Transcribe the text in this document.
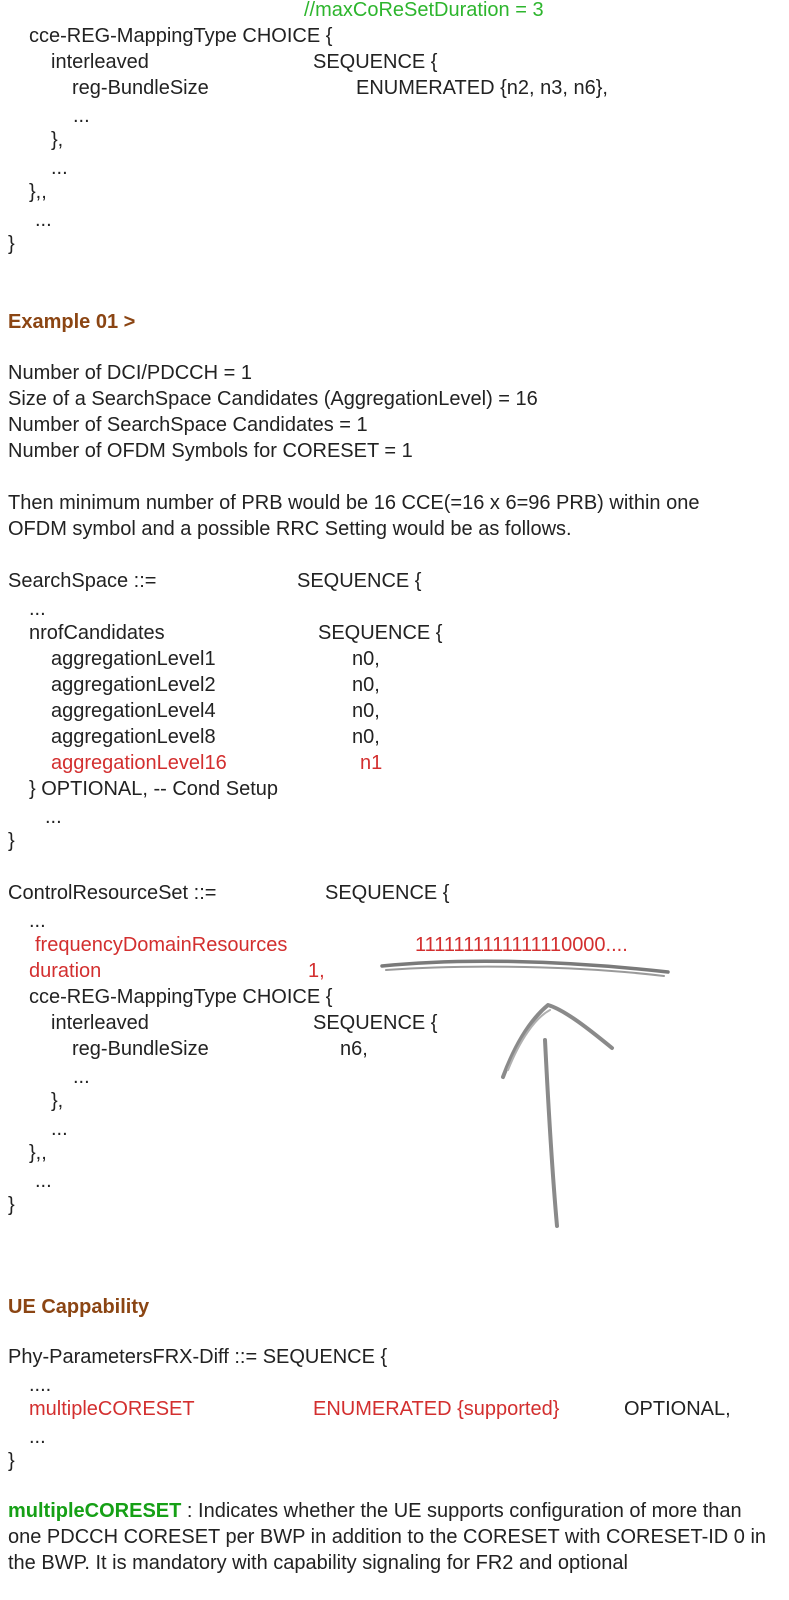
//maxCoReSetDuration = 3
cce-REG-MappingType CHOICE {
interleaved	SEQUENCE {
reg-BundleSize	ENUMERATED {n2, n3, n6},
...
},
...
},,
...
}
Example 01 >
Number of DCI/PDCCH = 1
Size of a SearchSpace Candidates (AggregationLevel) = 16
Number of SearchSpace Candidates = 1
Number of OFDM Symbols for CORESET = 1
Then minimum number of PRB would be 16 CCE(=16 x 6=96 PRB) within one
OFDM symbol and a possible RRC Setting would be as follows.
SearchSpace ::=	SEQUENCE {
...
nrofCandidates	SEQUENCE {
aggregationLevel1	n0,
aggregationLevel2	n0,
aggregationLevel4	n0,
aggregationLevel8	n0,
aggregationLevel16	n1
} OPTIONAL, -- Cond Setup
...
}
ControlResourceSet ::=	SEQUENCE {
...
frequencyDomainResources	1111111111111110000....
duration	1,
cce-REG-MappingType CHOICE {
interleaved	SEQUENCE {
reg-BundleSize	n6,
...
},
...
},,
...
}
UE Cappability
Phy-ParametersFRX-Diff ::= SEQUENCE {
....
multipleCORESET	ENUMERATED {supported}	OPTIONAL,
...
}
multipleCORESET : Indicates whether the UE supports configuration of more than one PDCCH CORESET per BWP in addition to the CORESET with CORESET-ID 0 in the BWP. It is mandatory with capability signaling for FR2 and optional
